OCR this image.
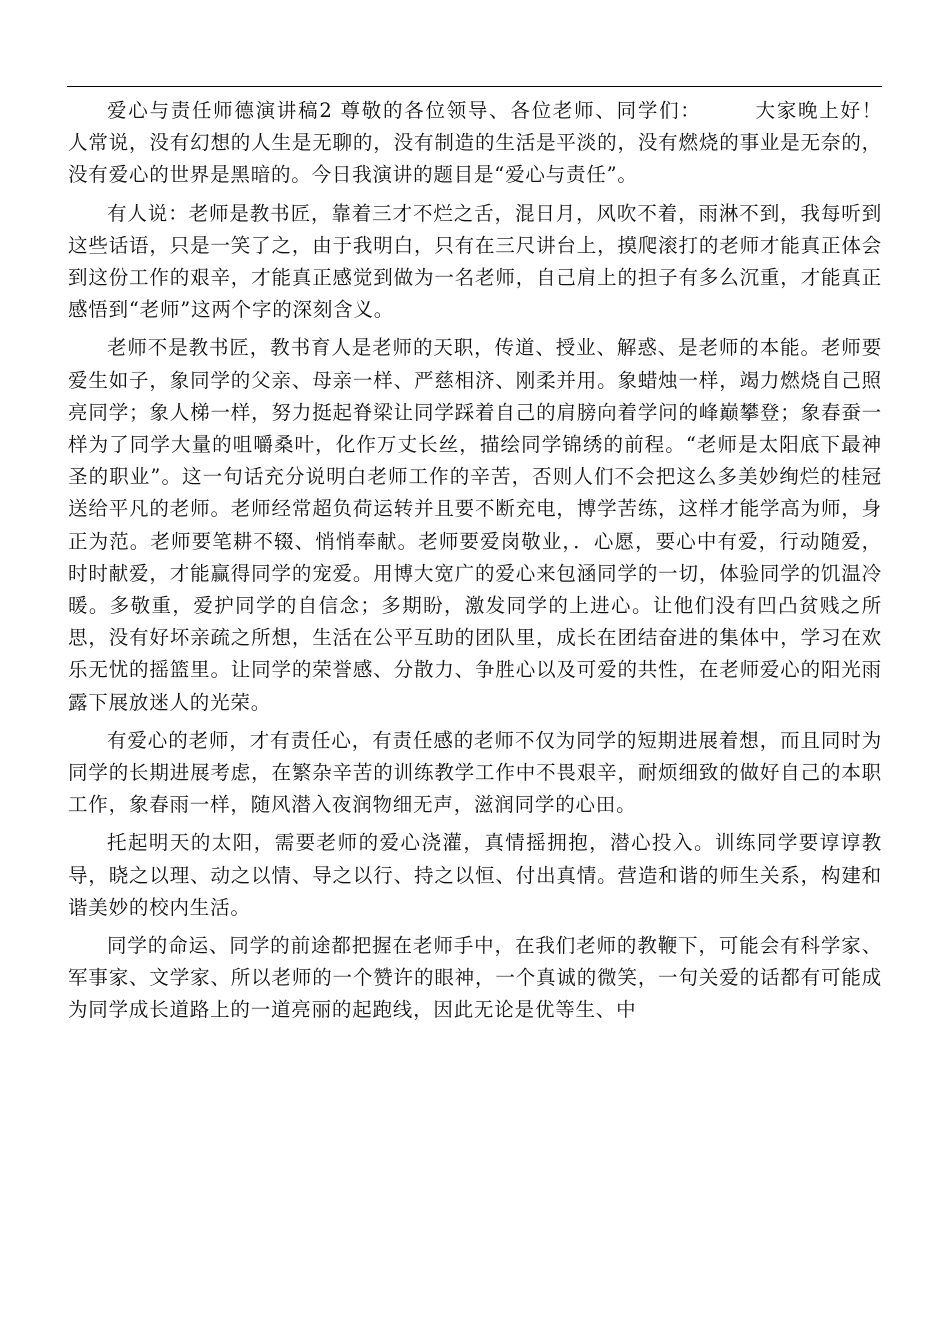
爱心与责任师德演讲稿2 尊敬的各位领导、各位老师、同学们：　　　大家晚上好！　　　人常说，没有幻想的人生是无聊的，没有制造的生活是平淡的，没有燃烧的事业是无奈的，没有爱心的世界是黑暗的。今日我演讲的题目是“爱心与责任”。

有人说：老师是教书匠，靠着三才不烂之舌，混日月，风吹不着，雨淋不到，我每听到这些话语，只是一笑了之，由于我明白，只有在三尺讲台上，摸爬滚打的老师才能真正体会到这份工作的艰辛，才能真正感觉到做为一名老师，自己肩上的担子有多么沉重，才能真正感悟到“老师”这两个字的深刻含义。

老师不是教书匠，教书育人是老师的天职，传道、授业、解惑、是老师的本能。老师要爱生如子，象同学的父亲、母亲一样、严慈相济、刚柔并用。象蜡烛一样，竭力燃烧自己照亮同学；象人梯一样，努力挺起脊梁让同学踩着自己的肩膀向着学问的峰巅攀登；象春蚕一样为了同学大量的咀嚼桑叶，化作万丈长丝，描绘同学锦绣的前程。“老师是太阳底下最神圣的职业”。这一句话充分说明白老师工作的辛苦，否则人们不会把这么多美妙绚烂的桂冠送给平凡的老师。老师经常超负荷运转并且要不断充电，博学苦练，这样才能学高为师，身正为范。老师要笔耕不辍、悄悄奉献。老师要爱岗敬业，．心愿，要心中有爱，行动随爱，时时献爱，才能赢得同学的宠爱。用博大宽广的爱心来包涵同学的一切，体验同学的饥温冷暖。多敬重，爱护同学的自信念；多期盼，激发同学的上进心。让他们没有凹凸贫贱之所思，没有好坏亲疏之所想，生活在公平互助的团队里，成长在团结奋进的集体中，学习在欢乐无忧的摇篮里。让同学的荣誉感、分散力、争胜心以及可爱的共性，在老师爱心的阳光雨露下展放迷人的光荣。

有爱心的老师，才有责任心，有责任感的老师不仅为同学的短期进展着想，而且同时为同学的长期进展考虑，在繁杂辛苦的训练教学工作中不畏艰辛，耐烦细致的做好自己的本职工作，象春雨一样，随风潜入夜润物细无声，滋润同学的心田。

托起明天的太阳，需要老师的爱心浇灌，真情摇拥抱，潜心投入。训练同学要谆谆教导，晓之以理、动之以情、导之以行、持之以恒、付出真情。营造和谐的师生关系，构建和谐美妙的校内生活。

同学的命运、同学的前途都把握在老师手中，在我们老师的教鞭下，可能会有科学家、军事家、文学家、所以老师的一个赞许的眼神，一个真诚的微笑，一句关爱的话都有可能成为同学成长道路上的一道亮丽的起跑线，因此无论是优等生、中
